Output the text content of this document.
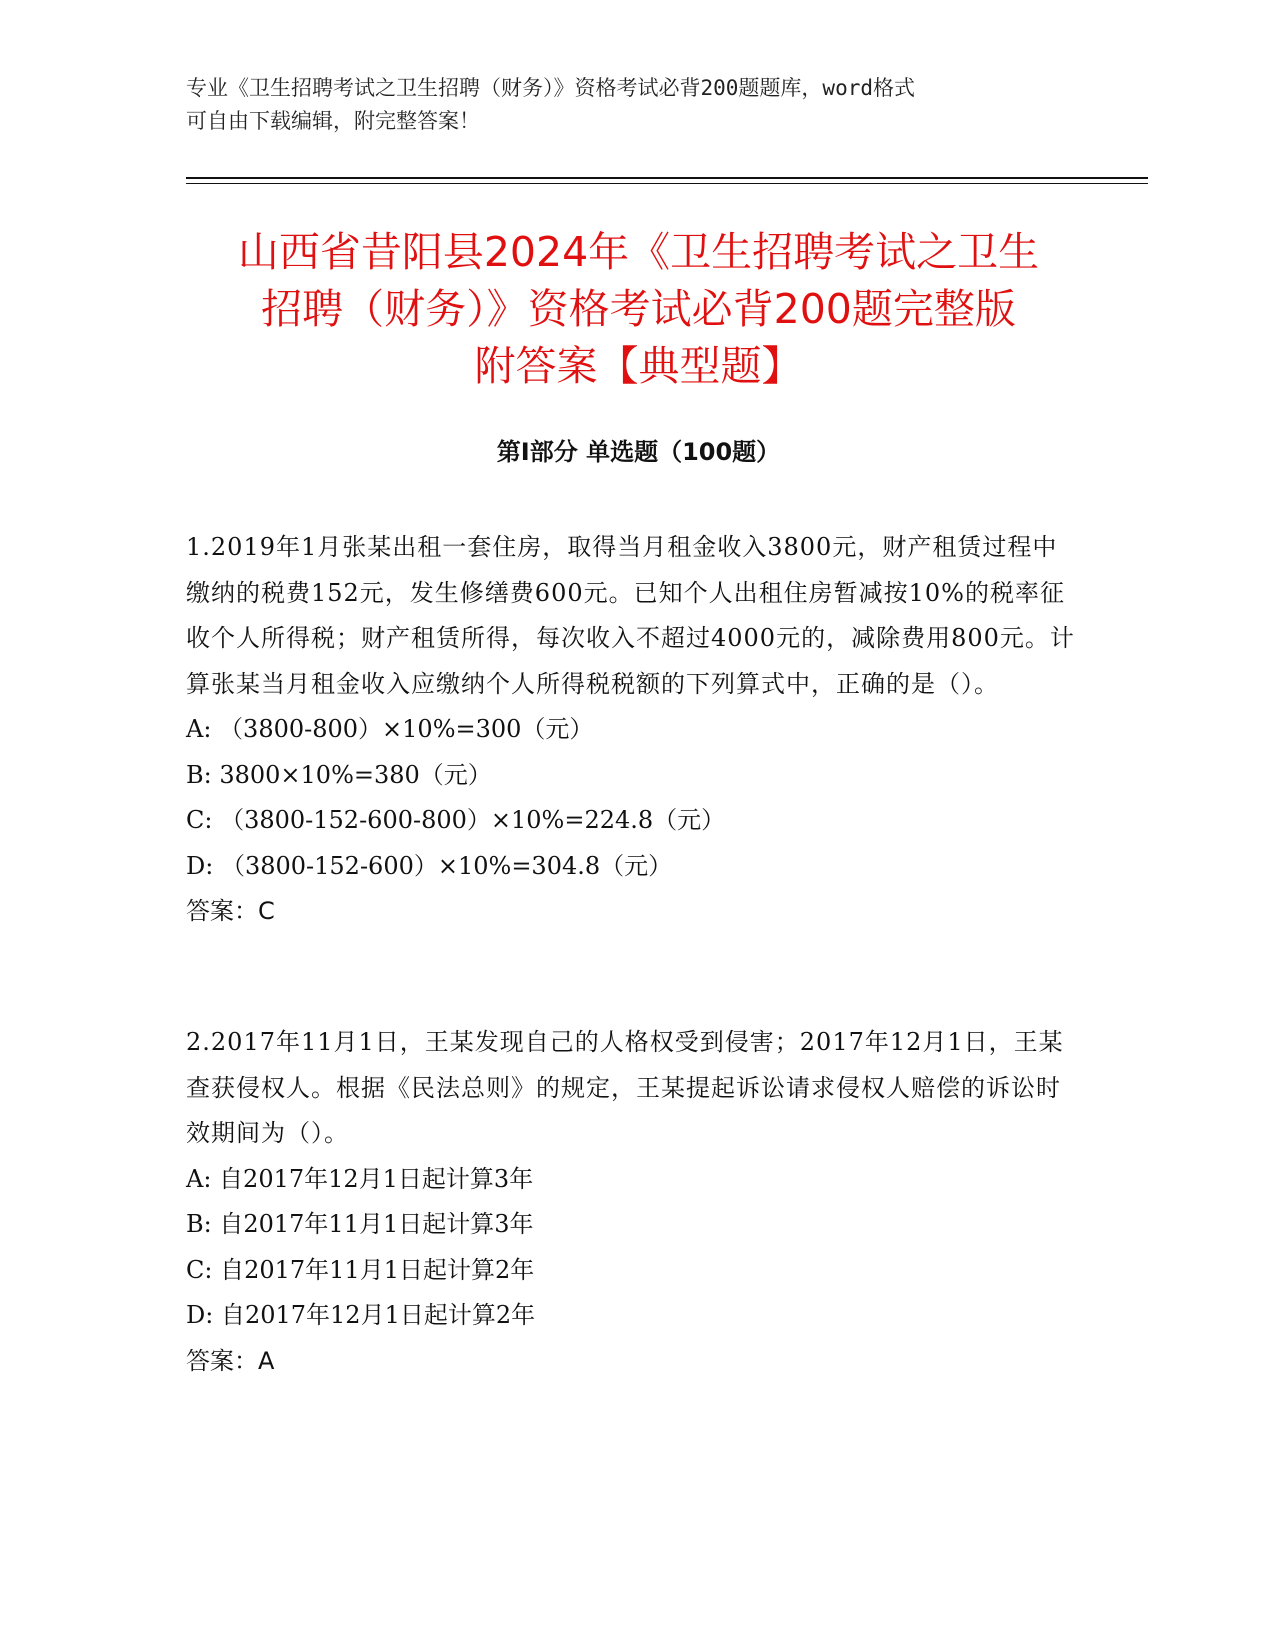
专业《卫生招聘考试之卫生招聘（财务）》资格考试必背200题题库，word格式
可自由下载编辑，附完整答案！
山西省昔阳县2024年《卫生招聘考试之卫生
招聘（财务）》资格考试必背200题完整版
附答案【典型题】
第Ⅰ部分 单选题（100题）

1.2019年1月张某出租一套住房，取得当月租金收入3800元，财产租赁过程中缴纳的税费152元，发生修缮费600元。已知个人出租住房暂减按10%的税率征收个人所得税；财产租赁所得，每次收入不超过4000元的，减除费用800元。计算张某当月租金收入应缴纳个人所得税税额的下列算式中，正确的是（）。

A: （3800-800）×10%=300（元）

B: 3800×10%=380（元）

C: （3800-152-600-800）×10%=224.8（元）

D: （3800-152-600）×10%=304.8（元）

答案：C

2.2017年11月1日，王某发现自己的人格权受到侵害；2017年12月1日，王某查获侵权人。根据《民法总则》的规定，王某提起诉讼请求侵权人赔偿的诉讼时效期间为（）。

A: 自2017年12月1日起计算3年

B: 自2017年11月1日起计算3年

C: 自2017年11月1日起计算2年

D: 自2017年12月1日起计算2年

答案：A
